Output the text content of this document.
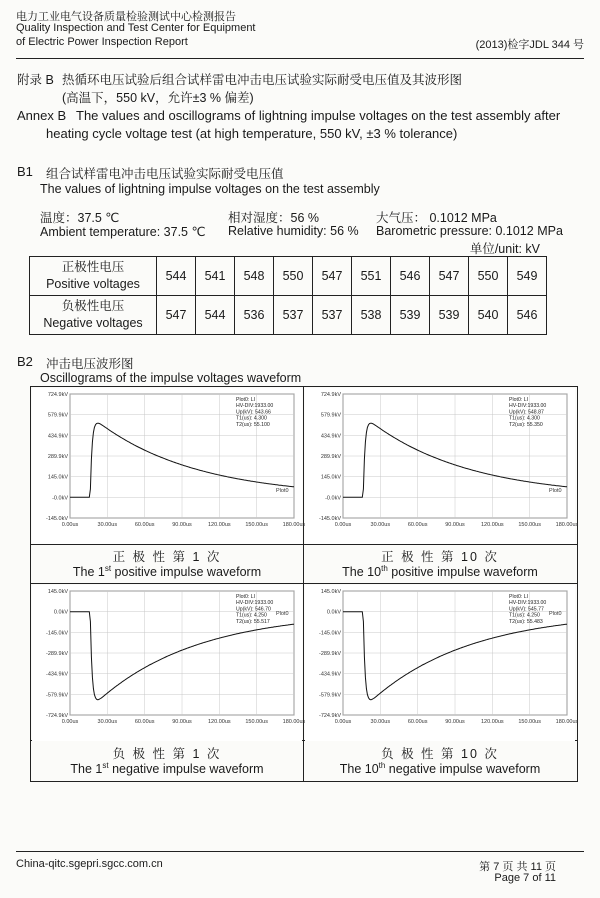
电力工业电气设备质量检验测试中心检测报告
Quality Inspection and Test Center for Equipment
of Electric Power Inspection Report	(2013)检字JDL 344 号
附录 B 热循环电压试验后组合试样雷电冲击电压试验实际耐受电压值及其波形图
(高温下，550 kV，允许±3 % 偏差)
Annex B The values and oscillograms of lightning impulse voltages on the test assembly after
heating cycle voltage test (at high temperature, 550 kV, ±3 % tolerance)
B1 组合试样雷电冲击电压试验实际耐受电压值
The values of lightning impulse voltages on the test assembly
温度：37.5 ℃	相对湿度：56 %	大气压： 0.1012 MPa
Ambient temperature: 37.5 ℃ Relative humidity: 56 % Barometric pressure: 0.1012 MPa
单位/unit: kV
正极性电压
Positive voltages	544	541	548	550	547	551	546	547	550	549

负极性电压
Negative voltages	547	544	536	537	537	538	539	539	540	546
B2 冲击电压波形图
Oscillograms of the impulse voltages waveform
724.9kV
579.9kV
434.9kV
289.9kV
145.0kV
-0.0kV
-145.0kV
0.00us	30.00us	60.00us	90.00us	120.00us	150.00us	180.00us
Plot0
Plot0: LI
HV-DIV:1933.00
Up(kV): 543.66
T1(us): 4.300
T2(us): 55.100
正 极 性 第 1 次
The 1st positive impulse waveform
724.9kV
579.9kV
434.9kV
289.9kV
145.0kV
-0.0kV
-145.0kV
0.00us	30.00us	60.00us	90.00us	120.00us	150.00us	180.00us
Plot0
Plot0: LI
HV-DIV:1933.00
Up(kV): 548.87
T1(us): 4.300
T2(us): 55.350
正 极 性 第 10 次
The 10th positive impulse waveform
145.0kV
0.0kV
-145.0kV
-289.9kV
-434.9kV
-579.9kV
-724.9kV
0.00us	30.00us	60.00us	90.00us	120.00us	150.00us	180.00us
Plot0
Plot0: LI
HV-DIV:1933.00
Up(kV): 546.70
T1(us): 4.250
T2(us): 55.517
负 极 性 第 1 次
The 1st negative impulse waveform
145.0kV
0.0kV
-145.0kV
-289.9kV
-434.9kV
-579.9kV
-724.9kV
0.00us	30.00us	60.00us	90.00us	120.00us	150.00us	180.00us
Plot0
Plot0: LI
HV-DIV:1933.00
Up(kV): 545.77
T1(us): 4.250
T2(us): 55.483
负 极 性 第 10 次
The 10th negative impulse waveform
China-qitc.sgepri.sgcc.com.cn	第 7 页 共 11 页
Page 7 of 11
